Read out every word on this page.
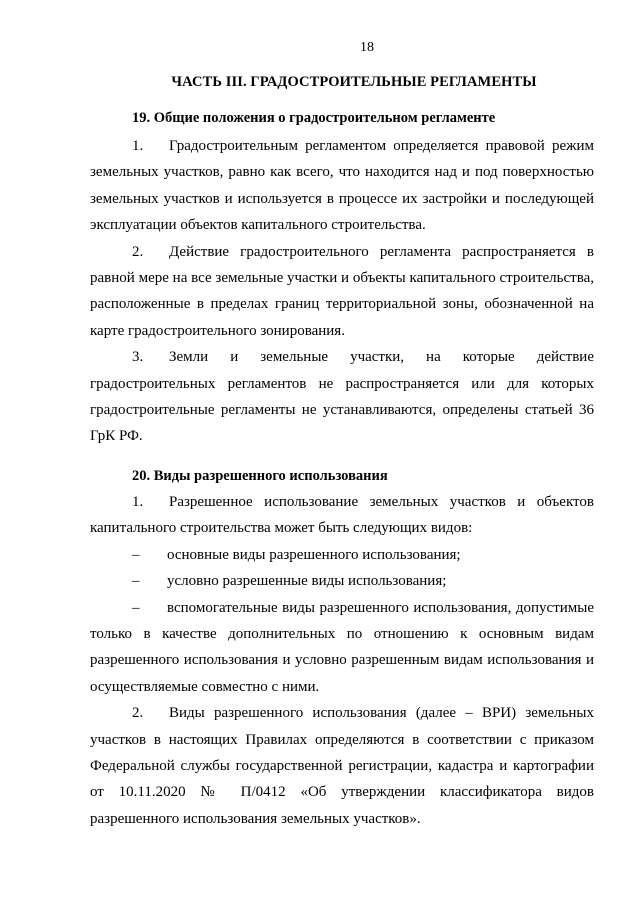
18
ЧАСТЬ III. ГРАДОСТРОИТЕЛЬНЫЕ РЕГЛАМЕНТЫ
19. Общие положения о градостроительном регламенте

1. Градостроительным регламентом определяется правовой режим земельных участков, равно как всего, что находится над и под поверхностью земельных участков и используется в процессе их застройки и последующей эксплуатации объектов капитального строительства.

2. Действие градостроительного регламента распространяется в равной мере на все земельные участки и объекты капитального строительства, расположенные в пределах границ территориальной зоны, обозначенной на карте градостроительного зонирования.

3. Земли и земельные участки, на которые действие градостроительных регламентов не распространяется или для которых градостроительные регламенты не устанавливаются, определены статьей 36 ГрК РФ.

20. Виды разрешенного использования

1. Разрешенное использование земельных участков и объектов капитального строительства может быть следующих видов:

– основные виды разрешенного использования;
– условно разрешенные виды использования;
– вспомогательные виды разрешенного использования, допустимые только в качестве дополнительных по отношению к основным видам разрешенного использования и условно разрешенным видам использования и осуществляемые совместно с ними.

2. Виды разрешенного использования (далее – ВРИ) земельных участков в настоящих Правилах определяются в соответствии с приказом Федеральной службы государственной регистрации, кадастра и картографии от 10.11.2020 № П/0412 «Об утверждении классификатора видов разрешенного использования земельных участков».
